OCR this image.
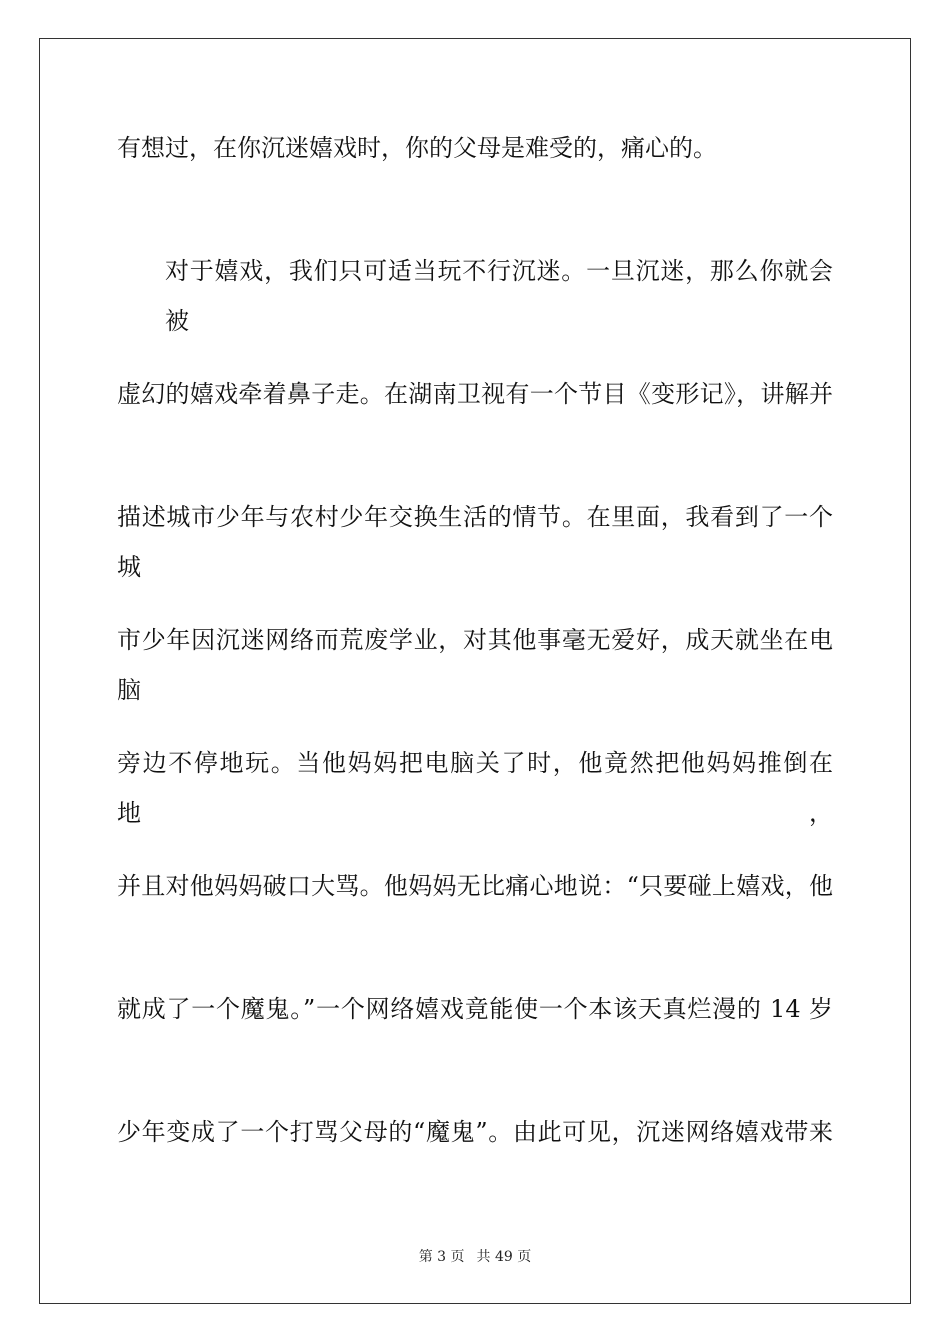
有想过，在你沉迷嬉戏时，你的父母是难受的，痛心的。
对于嬉戏，我们只可适当玩不行沉迷。一旦沉迷，那么你就会被
虚幻的嬉戏牵着鼻子走。在湖南卫视有一个节目《变形记》，讲解并
描述城市少年与农村少年交换生活的情节。在里面，我看到了一个城
市少年因沉迷网络而荒废学业，对其他事毫无爱好，成天就坐在电脑
旁边不停地玩。当他妈妈把电脑关了时，他竟然把他妈妈推倒在地，
并且对他妈妈破口大骂。他妈妈无比痛心地说：“只要碰上嬉戏，他
就成了一个魔鬼。”一个网络嬉戏竟能使一个本该天真烂漫的 14 岁
少年变成了一个打骂父母的“魔鬼”。由此可见，沉迷网络嬉戏带来
第 3 页 共 49 页
